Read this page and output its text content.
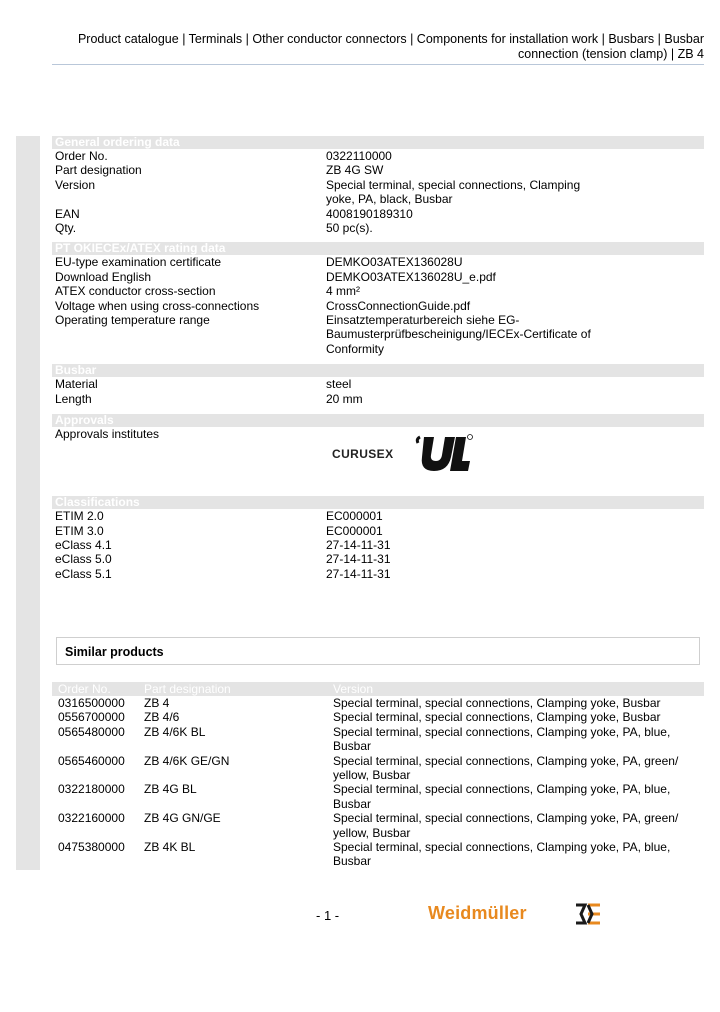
Product catalogue | Terminals | Other conductor connectors | Components for installation work | Busbars | Busbar
connection (tension clamp) | ZB 4
General ordering data
Order No.	0322110000
Part designation	ZB 4G SW
Version	Special terminal, special connections, Clamping yoke, PA, black, Busbar
EAN	4008190189310
Qty.	50 pc(s).
PT OKIECEx/ATEX rating data
EU-type examination certificate	DEMKO03ATEX136028U
Download English	DEMKO03ATEX136028U_e.pdf
ATEX conductor cross-section	4 mm²
Voltage when using cross-connections	CrossConnectionGuide.pdf
Operating temperature range	Einsatztemperaturbereich siehe EG-Baumusterprüfbescheinigung/IECEx-Certificate of Conformity
Busbar
Material	steel
Length	20 mm
Approvals
Approvals institutes
CURUSEX
Classifications
ETIM 2.0	EC000001
ETIM 3.0	EC000001
eClass 4.1	27-14-11-31
eClass 5.0	27-14-11-31
eClass 5.1	27-14-11-31
Similar products
Order No.	Part designation	Version
0316500000	ZB 4	Special terminal, special connections, Clamping yoke, Busbar
0556700000	ZB 4/6	Special terminal, special connections, Clamping yoke, Busbar
0565480000	ZB 4/6K BL	Special terminal, special connections, Clamping yoke, PA, blue, Busbar
0565460000	ZB 4/6K GE/GN	Special terminal, special connections, Clamping yoke, PA, green/ yellow, Busbar
0322180000	ZB 4G BL	Special terminal, special connections, Clamping yoke, PA, blue, Busbar
0322160000	ZB 4G GN/GE	Special terminal, special connections, Clamping yoke, PA, green/ yellow, Busbar
0475380000	ZB 4K BL	Special terminal, special connections, Clamping yoke, PA, blue, Busbar
- 1 -	Weidmüller
